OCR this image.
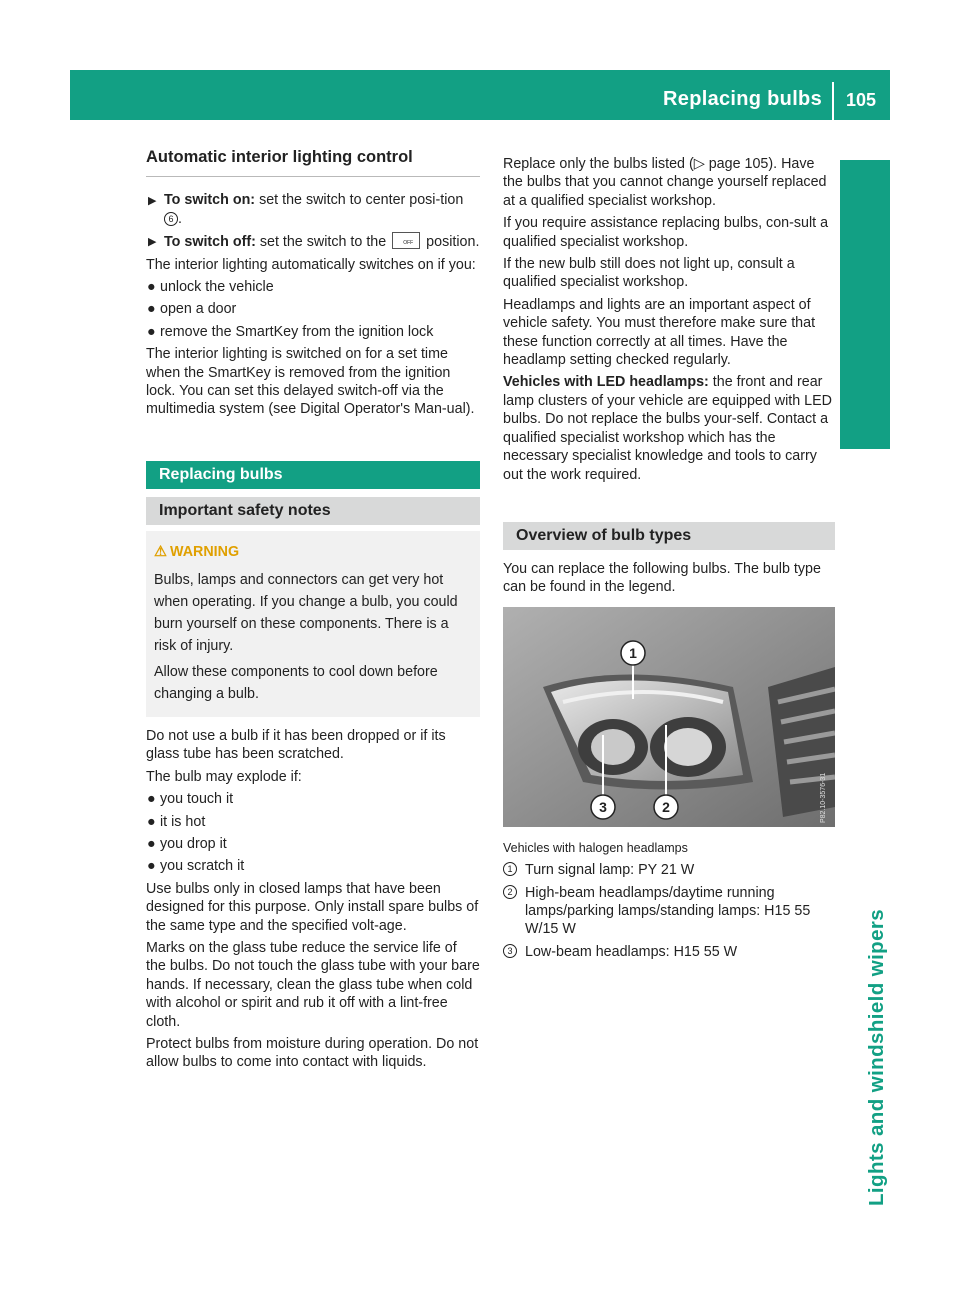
Replacing bulbs 105
Lights and windshield wipers
Automatic interior lighting control
▶ To switch on: set the switch to center posi-tion 6 .
▶ To switch off: set the switch to the	OFF position.

The interior lighting automatically switches on if you:

● unlock the vehicle
● open a door
● remove the SmartKey from the ignition lock

The interior lighting is switched on for a set time when the SmartKey is removed from the ignition lock. You can set this delayed switch-off via the multimedia system (see Digital Operator's Man-ual).

Replacing bulbs
Important safety notes
⚠ WARNING

Bulbs, lamps and connectors can get very hot when operating. If you change a bulb, you could burn yourself on these components. There is a risk of injury.

Allow these components to cool down before changing a bulb.

Do not use a bulb if it has been dropped or if its glass tube has been scratched.

The bulb may explode if:

● you touch it
● it is hot
● you drop it
● you scratch it

Use bulbs only in closed lamps that have been designed for this purpose. Only install spare bulbs of the same type and the specified volt-age.

Marks on the glass tube reduce the service life of the bulbs. Do not touch the glass tube with your bare hands. If necessary, clean the glass tube when cold with alcohol or spirit and rub it off with a lint-free cloth.

Protect bulbs from moisture during operation. Do not allow bulbs to come into contact with liquids.

Replace only the bulbs listed (▷ page 105). Have the bulbs that you cannot change yourself replaced at a qualified specialist workshop.

If you require assistance replacing bulbs, con-sult a qualified specialist workshop.

If the new bulb still does not light up, consult a qualified specialist workshop.

Headlamps and lights are an important aspect of vehicle safety. You must therefore make sure that these function correctly at all times. Have the headlamp setting checked regularly.

Vehicles with LED headlamps: the front and rear lamp clusters of your vehicle are equipped with LED bulbs. Do not replace the bulbs your-self. Contact a qualified specialist workshop which has the necessary specialist knowledge and tools to carry out the work required.

Overview of bulb types

You can replace the following bulbs. The bulb type can be found in the legend.

1
2
3	P82.10-3576-31
Vehicles with halogen headlamps
1 Turn signal lamp: PY 21 W
2 High-beam headlamps/daytime running lamps/parking lamps/standing lamps: H15 55 W/15 W
3 Low-beam headlamps: H15 55 W
